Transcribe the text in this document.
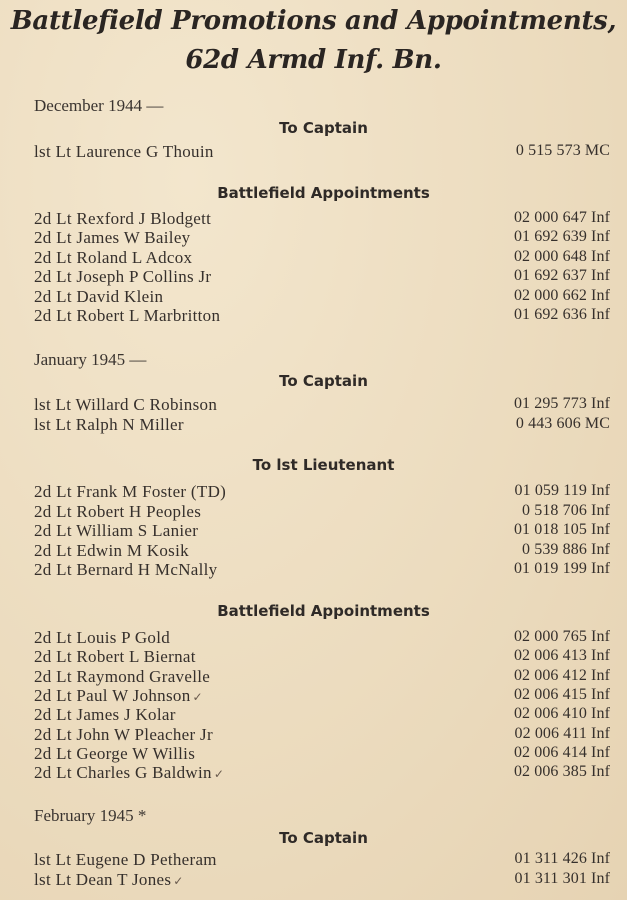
Battlefield Promotions and Appointments,
62d Armd Inf. Bn.
December 1944 —
To Captain
Battlefield Appointments
January 1945 —
To Captain
To lst Lieutenant
Battlefield Appointments
February 1945 *
To Captain
lst Lt Laurence G Thouin	0 515 573 MC
2d Lt Rexford J Blodgett	02 000 647 Inf
2d Lt James W Bailey	01 692 639 Inf
2d Lt Roland L Adcox	02 000 648 Inf
2d Lt Joseph P Collins Jr	01 692 637 Inf
2d Lt David Klein	02 000 662 Inf
2d Lt Robert L Marbritton	01 692 636 Inf
lst Lt Willard C Robinson	01 295 773 Inf
lst Lt Ralph N Miller	0 443 606 MC
2d Lt Frank M Foster (TD)	01 059 119 Inf
2d Lt Robert H Peoples	0 518 706 Inf
2d Lt William S Lanier	01 018 105 Inf
2d Lt Edwin M Kosik	0 539 886 Inf
2d Lt Bernard H McNally	01 019 199 Inf
2d Lt Louis P Gold	02 000 765 Inf
2d Lt Robert L Biernat	02 006 413 Inf
2d Lt Raymond Gravelle	02 006 412 Inf
2d Lt Paul W Johnson ✓	02 006 415 Inf
2d Lt James J Kolar	02 006 410 Inf
2d Lt John W Pleacher Jr	02 006 411 Inf
2d Lt George W Willis	02 006 414 Inf
2d Lt Charles G Baldwin ✓	02 006 385 Inf
lst Lt Eugene D Petheram	01 311 426 Inf
lst Lt Dean T Jones ✓	01 311 301 Inf
